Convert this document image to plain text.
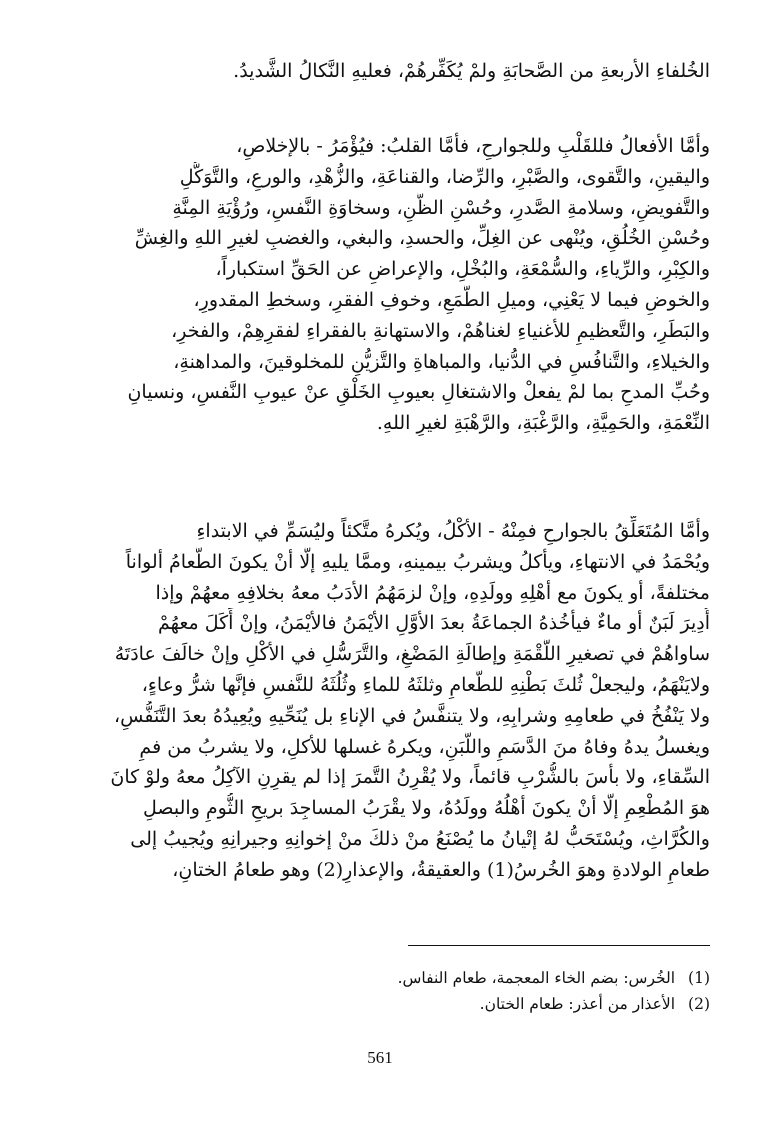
الخُلفاءِ الأربعةِ من الصَّحابَةِ ولمْ يُكَفِّرهُمْ، فعليهِ النَّكالُ الشَّديدُ.
وأمَّا الأفعالُ فللقَلْبِ وللجوارحِ، فأمَّا القلبُ: فيُؤْمَرُ - بالإخلاصِ،
واليقينِ، والتَّقوى، والصَّبْرِ، والرِّضا، والقناعَةِ، والزُّهْدِ، والورعِ، والتَّوَكُّلِ
والتَّفويضِ، وسلامةِ الصَّدرِ، وحُسْنِ الظَّنِ، وسخاوَةِ النَّفسِ، ورُؤْيَةِ المِنَّةِ
وحُسْنِ الخُلُقِ، ويُنْهى عن الغِلِّ، والحسدِ، والبغي، والغضبِ لغيرِ اللهِ والغِشِّ
والكِبْرِ، والرِّياءِ، والسُّمْعَةِ، والبُخْلِ، والإعراضِ عن الحَقِّ استكباراً،
والخوضِ فيما لا يَعْنِي، وميلِ الطَّمَعِ، وخوفِ الفقرِ، وسخطِ المقدورِ،
والبَطَرِ، والتَّعظيمِ للأغنياءِ لغناهُمْ، والاستهانةِ بالفقراءِ لفقرِهِمْ، والفخرِ،
والخيلاءِ، والتَّنافُسِ في الدُّنيا، والمباهاةِ والتَّزيُّنِ للمخلوقينَ، والمداهنةِ،
وحُبِّ المدحِ بما لمْ يفعلْ والاشتغالِ بعيوبِ الخَلْقِ عنْ عيوبِ النَّفسِ، ونسيانِ
النِّعْمَةِ، والحَمِيَّةِ، والرَّغْبَةِ، والرَّهْبَةِ لغيرِ اللهِ.
وأمَّا المُتَعَلِّقُ بالجوارحِ فمِنْهُ - الأكْلُ، ويُكرهُ متَّكئاً وليُسَمِّ في الابتداءِ
ويُحْمَدُ في الانتهاءِ، ويأكلُ ويشربُ بيمينهِ، وممَّا يليهِ إلَّا أنْ يكونَ الطَّعامُ ألواناً
مختلفةً، أو يكونَ مع أهْلِهِ وولَدِهِ، وإنْ لزمَهُمُ الأدَبُ معهُ بخلافِهِ معهُمْ وإذا
أُدِيرَ لَبَنٌ أو ماءٌ فيأخُذهُ الجماعَةُ بعدَ الأوَّلِ الأيْمَنُ فالأيْمَنُ، وإنْ أَكَلَ معهُمْ
ساواهُمْ في تصغيرِ اللُّقْمَةِ وإطالَةِ المَضْغِ، والتَّرَسُّلِ في الأكْلِ وإنْ خالَفَ عادَتَهُ
ولايَنْهَمُ، وليجعلْ ثُلثَ بَطْنِهِ للطَّعامِ وثلثَهُ للماءِ وثُلُثَهُ للنَّفسِ فإنَّها شرُّ وعاءٍ،
ولا يَنْفُخُ في طعامِهِ وشرابِهِ، ولا يتنفَّسُ في الإناءِ بل يُنَحِّيهِ ويُعِيدُهُ بعدَ التَّنَفُّسِ،
ويغسلُ يدهُ وفاهُ منَ الدَّسَمِ واللَّبَنِ، ويكرهُ غسلها للأكلِ، ولا يشربُ من فمِ
السِّقاءِ، ولا بأسَ بالشُّرْبِ قائماً، ولا يُقْرِنُ التَّمرَ إذا لم يقرِنِ الآكِلُ معهُ ولوْ كانَ
هوَ المُطْعِمِ إلَّا أنْ يكونَ أهْلُهُ وولَدُهُ، ولا يقْرَبُ المساجِدَ بريحِ الثُّومِ والبصلِ
والكُرَّاثِ، ويُسْتَحَبُّ لهُ إتْيانُ ما يُصْنَعُ منْ ذلكَ منْ إخوانِهِ وجيرانِهِ ويُجيبُ إلى
طعامِ الولادةِ وهوَ الخُرسُ(1) والعقيقةُ، والإعذارِ(2) وهو طعامُ الختانِ،
(1) الخُرس: بضم الخاء المعجمة، طعام النفاس.
(2) الأعذار من أعذر: طعام الختان.
561
